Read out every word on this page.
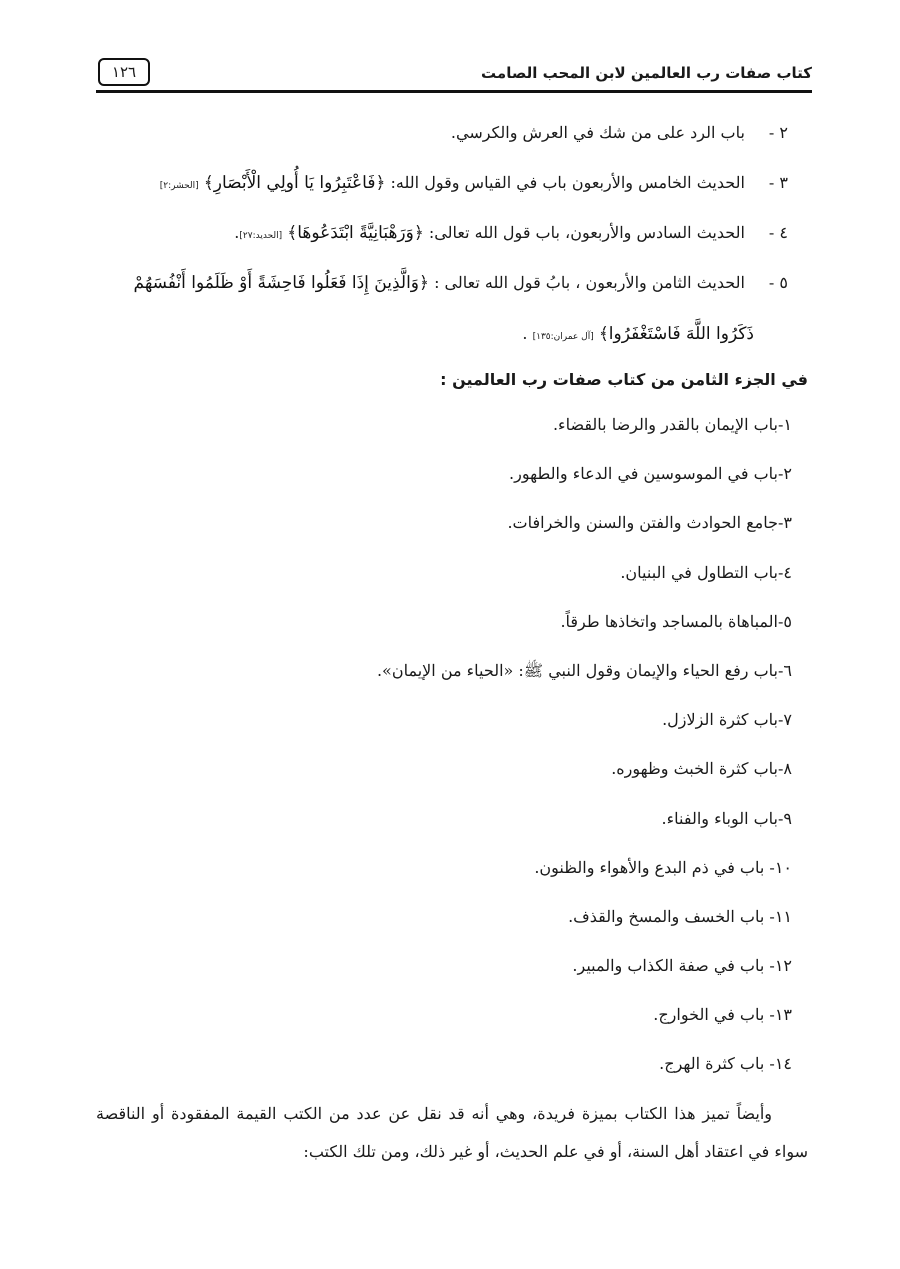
كتاب صفات رب العالمين لابن المحب الصامت
١٢٦
٢ - باب الرد على من شك في العرش والكرسي.
٣ - الحديث الخامس والأربعون باب في القياس وقول الله: ﴿فَاعْتَبِرُوا يَا أُولِي الْأَبْصَارِ﴾ [الحشر:٢]
٤ - الحديث السادس والأربعون، باب قول الله تعالى: ﴿وَرَهْبَانِيَّةً ابْتَدَعُوهَا﴾ [الحديد:٢٧].
٥ - الحديث الثامن والأربعون ، بابُ قول الله تعالى : ﴿وَالَّذِينَ إِذَا فَعَلُوا فَاحِشَةً أَوْ ظَلَمُوا أَنْفُسَهُمْ
ذَكَرُوا اللَّهَ فَاسْتَغْفَرُوا﴾ [آل عمران:١٣٥] .
في الجزء الثامن من كتاب صفات رب العالمين :
١-باب الإيمان بالقدر والرضا بالقضاء.
٢-باب في الموسوسين في الدعاء والطهور.
٣-جامع الحوادث والفتن والسنن والخرافات.
٤-باب التطاول في البنيان.
٥-المباهاة بالمساجد واتخاذها طرقاً.
٦-باب رفع الحياء والإيمان وقول النبي ﷺ: «الحياء من الإيمان».
٧-باب كثرة الزلازل.
٨-باب كثرة الخبث وظهوره.
٩-باب الوباء والفناء.
١٠- باب في ذم البدع والأهواء والظنون.
١١- باب الخسف والمسخ والقذف.
١٢- باب في صفة الكذاب والمبير.
١٣- باب في الخوارج.
١٤- باب كثرة الهرج.

وأيضاً تميز هذا الكتاب بميزة فريدة، وهي أنه قد نقل عن عدد من الكتب القيمة المفقودة أو الناقصة سواء في اعتقاد أهل السنة، أو في علم الحديث، أو غير ذلك، ومن تلك الكتب:
